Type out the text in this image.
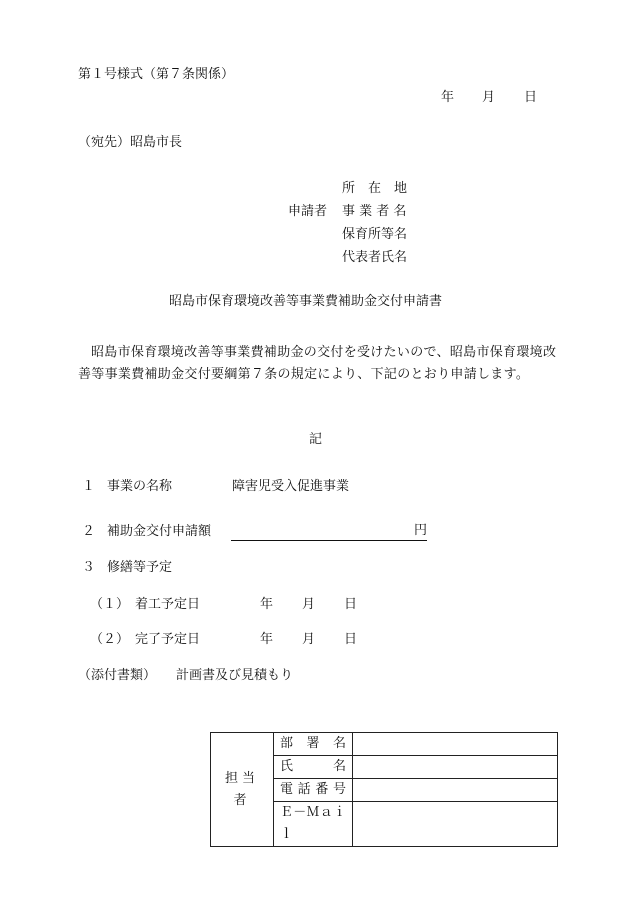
第１号様式（第７条関係）
年 月 日
（宛先）昭島市長
所　在　地
申請者 事 業 者 名
保育所等名
代表者氏名
昭島市保育環境改善等事業費補助金交付申請書
昭島市保育環境改善等事業費補助金の交付を受けたいので、昭島市保育環境改善等事業費補助金交付要綱第７条の規定により、下記のとおり申請します。
記
１ 事業の名称	障害児受入促進事業
２ 補助金交付申請額	円
３ 修繕等予定
（１） 着工予定日	年 月 日
（２） 完了予定日	年 月 日
（添付書類） 計画書及び見積もり
担当者	部　署　名	
	氏　　　名	
	電 話 番 号	
	Ｅ－Ｍａｉｌ	
